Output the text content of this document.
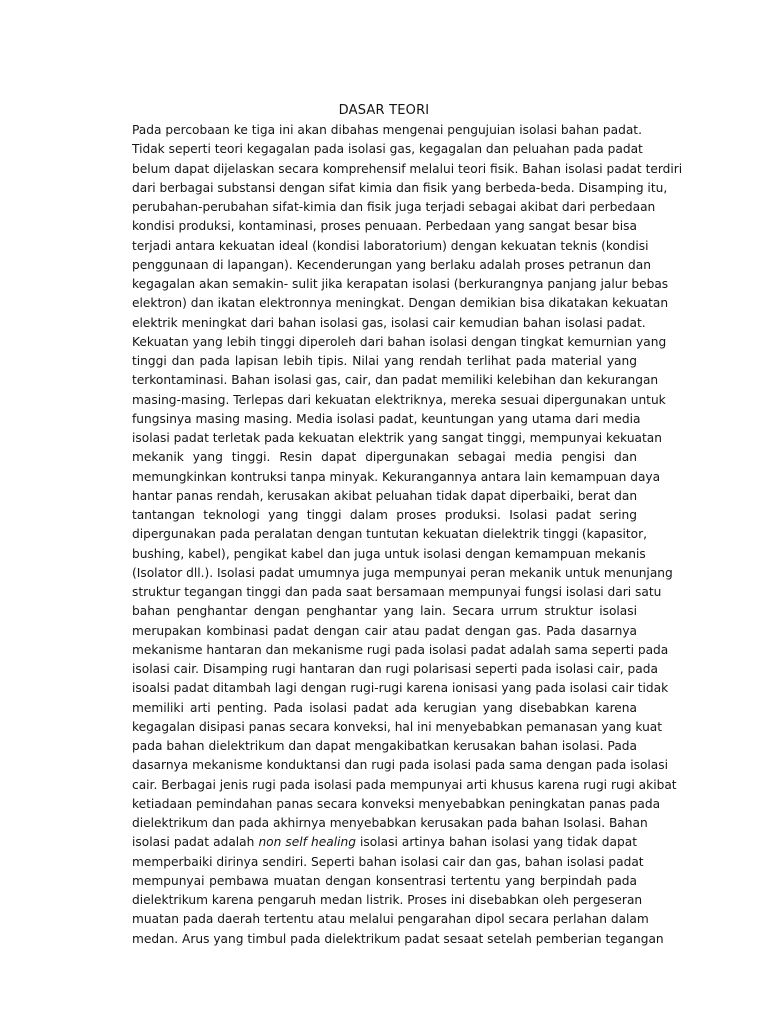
DASAR TEORI
Pada percobaan ke tiga ini akan dibahas mengenai pengujuian isolasi bahan padat.
Tidak seperti teori kegagalan pada isolasi gas, kegagalan dan peluahan pada padat
belum dapat dijelaskan secara komprehensif melalui teori fisik. Bahan isolasi padat terdiri
dari berbagai substansi dengan sifat kimia dan fisik yang berbeda-beda. Disamping itu,
perubahan-perubahan sifat-kimia dan fisik juga terjadi sebagai akibat dari perbedaan
kondisi produksi, kontaminasi, proses penuaan. Perbedaan yang sangat besar bisa
terjadi antara kekuatan ideal (kondisi laboratorium) dengan kekuatan teknis (kondisi
penggunaan di lapangan). Kecenderungan yang berlaku adalah proses petranun dan
kegagalan akan semakin- sulit jika kerapatan isolasi (berkurangnya panjang jalur bebas
elektron) dan ikatan elektronnya meningkat. Dengan demikian bisa dikatakan kekuatan
elektrik meningkat dari bahan isolasi gas, isolasi cair kemudian bahan isolasi padat.
Kekuatan yang lebih tinggi diperoleh dari bahan isolasi dengan tingkat kemurnian yang
tinggi dan pada lapisan lebih tipis. Nilai yang rendah terlihat pada material yang
terkontaminasi. Bahan isolasi gas, cair, dan padat memiliki kelebihan dan kekurangan
masing-masing. Terlepas dari kekuatan elektriknya, mereka sesuai dipergunakan untuk
fungsinya masing masing. Media isolasi padat, keuntungan yang utama dari media
isolasi padat terletak pada kekuatan elektrik yang sangat tinggi, mempunyai kekuatan
mekanik yang tinggi. Resin dapat dipergunakan sebagai media pengisi dan
memungkinkan kontruksi tanpa minyak. Kekurangannya antara lain kemampuan daya
hantar panas rendah, kerusakan akibat peluahan tidak dapat diperbaiki, berat dan
tantangan teknologi yang tinggi dalam proses produksi. Isolasi padat sering
dipergunakan pada peralatan dengan tuntutan kekuatan dielektrik tinggi (kapasitor,
bushing, kabel), pengikat kabel dan juga untuk isolasi dengan kemampuan mekanis
(Isolator dll.). Isolasi padat umumnya juga mempunyai peran mekanik untuk menunjang
struktur tegangan tinggi dan pada saat bersamaan mempunyai fungsi isolasi dari satu
bahan penghantar dengan penghantar yang lain. Secara urrum struktur isolasi
merupakan kombinasi padat dengan cair atau padat dengan gas. Pada dasarnya
mekanisme hantaran dan mekanisme rugi pada isolasi padat adalah sama seperti pada
isolasi cair. Disamping rugi hantaran dan rugi polarisasi seperti pada isolasi cair, pada
isoalsi padat ditambah lagi dengan rugi-rugi karena ionisasi yang pada isolasi cair tidak
memiliki arti penting. Pada isolasi padat ada kerugian yang disebabkan karena
kegagalan disipasi panas secara konveksi, hal ini menyebabkan pemanasan yang kuat
pada bahan dielektrikum dan dapat mengakibatkan kerusakan bahan isolasi. Pada
dasarnya mekanisme konduktansi dan rugi pada isolasi pada sama dengan pada isolasi
cair. Berbagai jenis rugi pada isolasi pada mempunyai arti khusus karena rugi rugi akibat
ketiadaan pemindahan panas secara konveksi menyebabkan peningkatan panas pada
dielektrikum dan pada akhirnya menyebabkan kerusakan pada bahan Isolasi. Bahan
isolasi padat adalah non self healing isolasi artinya bahan isolasi yang tidak dapat
memperbaiki dirinya sendiri. Seperti bahan isolasi cair dan gas, bahan isolasi padat
mempunyai pembawa muatan dengan konsentrasi tertentu yang berpindah pada
dielektrikum karena pengaruh medan listrik. Proses ini disebabkan oleh pergeseran
muatan pada daerah tertentu atau melalui pengarahan dipol secara perlahan dalam
medan. Arus yang timbul pada dielektrikum padat sesaat setelah pemberian tegangan
